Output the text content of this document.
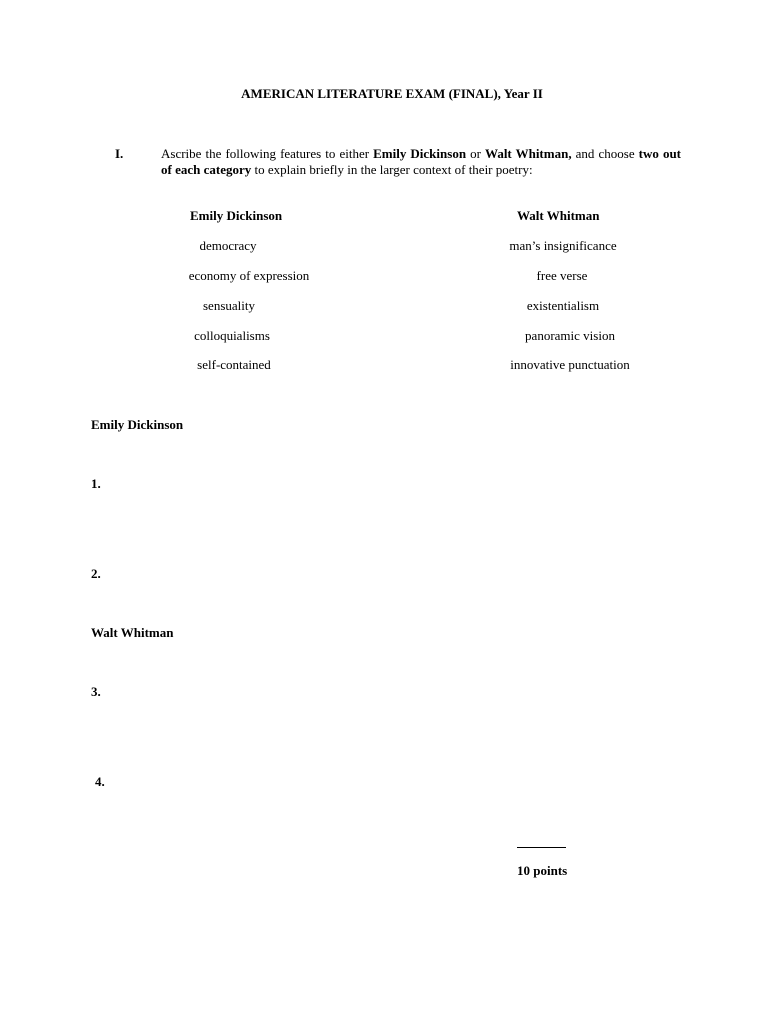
AMERICAN LITERATURE EXAM (FINAL), Year II
I.	Ascribe the following features to either Emily Dickinson or Walt Whitman, and choose two out of each category to explain briefly in the larger context of their poetry:
Emily Dickinson
democracy
economy of expression
sensuality
colloquialisms
self-contained
Walt Whitman
man’s insignificance
free verse
existentialism
panoramic vision
innovative punctuation
Emily Dickinson
1.
2.
Walt Whitman
3.
4.
10 points
